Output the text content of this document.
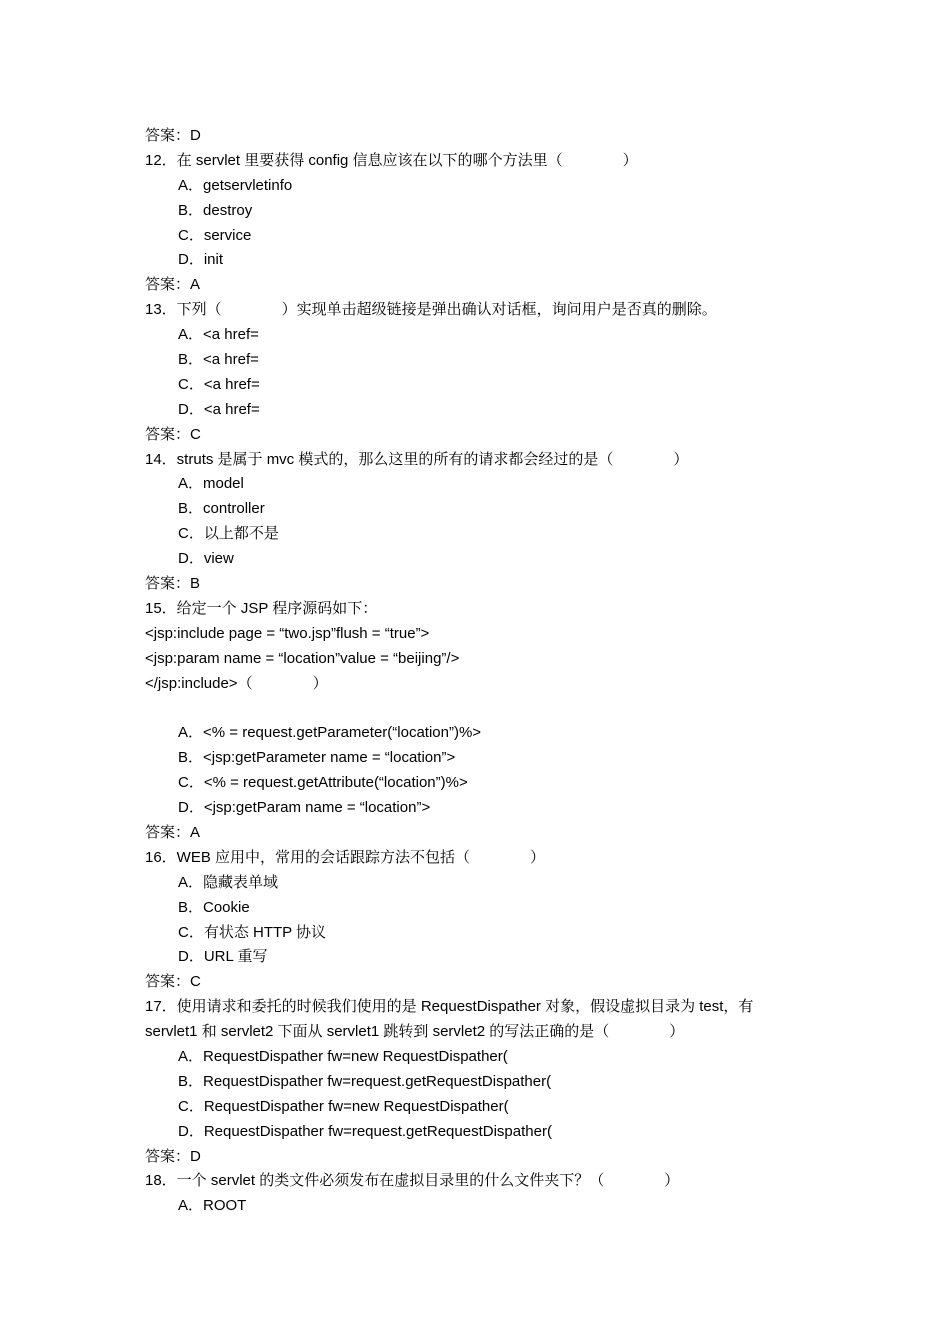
答案：D
12．在 servlet 里要获得 config 信息应该在以下的哪个方法里（　　　　）
A．getservletinfo
B．destroy
C．service
D．init
答案：A
13．下列（　　　　）实现单击超级链接是弹出确认对话框，询问用户是否真的删除。
A．<a href=
B．<a href=
C．<a href=
D．<a href=
答案：C
14．struts 是属于 mvc 模式的，那么这里的所有的请求都会经过的是（　　　　）
A．model
B．controller
C．以上都不是
D．view
答案：B
15．给定一个 JSP 程序源码如下：
<jsp:include page = “two.jsp”flush = “true”>
<jsp:param name = “location”value = “beijing”/>
</jsp:include>（　　　　）
A．<% = request.getParameter(“location”)%>
B．<jsp:getParameter name = “location”>
C．<% = request.getAttribute(“location”)%>
D．<jsp:getParam name = “location”>
答案：A
16．WEB 应用中，常用的会话跟踪方法不包括（　　　　）
A．隐藏表单域
B．Cookie
C．有状态 HTTP 协议
D．URL 重写
答案：C
17．使用请求和委托的时候我们使用的是 RequestDispather 对象，假设虚拟目录为 test，有
servlet1 和 servlet2 下面从 servlet1 跳转到 servlet2 的写法正确的是（　　　　）
A．RequestDispather fw=new RequestDispather(
B．RequestDispather fw=request.getRequestDispather(
C．RequestDispather fw=new RequestDispather(
D．RequestDispather fw=request.getRequestDispather(
答案：D
18．一个 servlet 的类文件必须发布在虚拟目录里的什么文件夹下？（　　　　）
A．ROOT
